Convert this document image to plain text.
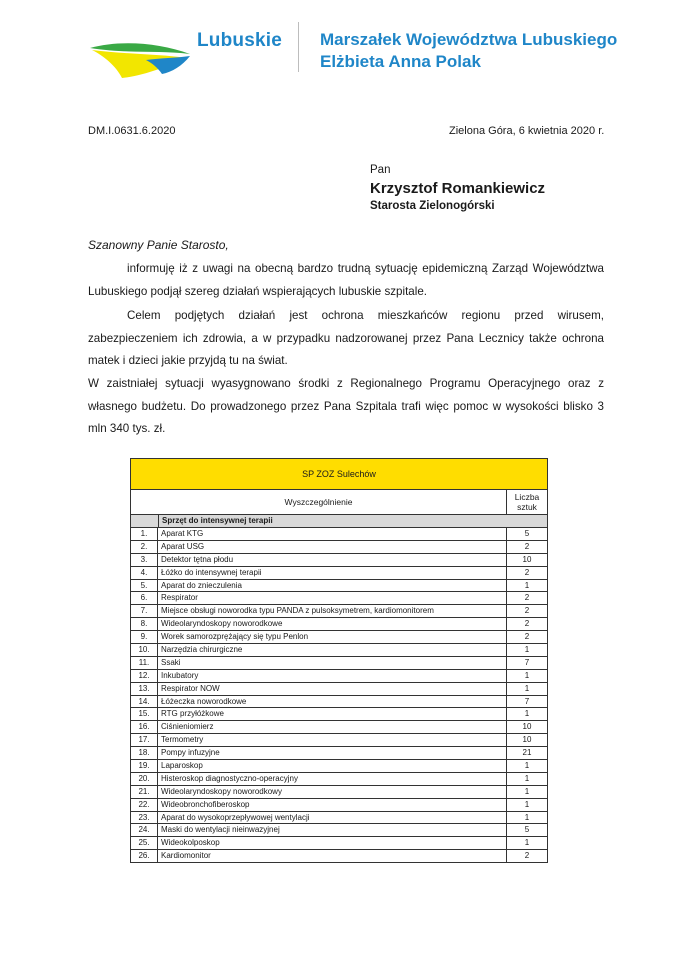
Lubuskie Marszałek Województwa Lubuskiego
Elżbieta Anna Polak
DM.I.0631.6.2020	Zielona Góra, 6 kwietnia 2020 r.
Pan
Krzysztof Romankiewicz
Starosta Zielonogórski
Szanowny Panie Starosto,
informuję iż z uwagi na obecną bardzo trudną sytuację epidemiczną Zarząd Województwa Lubuskiego podjął szereg działań wspierających lubuskie szpitale.
Celem podjętych działań jest ochrona mieszkańców regionu przed wirusem, zabezpieczeniem ich zdrowia, a w przypadku nadzorowanej przez Pana Lecznicy także ochrona matek i dzieci jakie przyjdą tu na świat.
W zaistniałej sytuacji wyasygnowano środki z Regionalnego Programu Operacyjnego oraz z własnego budżetu. Do prowadzonego przez Pana Szpitala trafi więc pomoc w wysokości blisko 3 mln 340 tys. zł.
SP ZOZ Sulechów
Wyszczególnienie	Liczba sztuk
Sprzęt do intensywnej terapii
1.	Aparat KTG	5
2.	Aparat USG	2
3.	Detektor tętna płodu	10
4.	Łóżko do intensywnej terapii	2
5.	Aparat do znieczulenia	1
6.	Respirator	2
7.	Miejsce obsługi noworodka typu PANDA z pulsoksymetrem, kardiomonitorem	2
8.	Wideolaryndoskopy noworodkowe	2
9.	Worek samorozprężający się typu Penlon	2
10.	Narzędzia chirurgiczne	1
11.	Ssaki	7
12.	Inkubatory	1
13.	Respirator NOW	1
14.	Łóżeczka noworodkowe	7
15.	RTG przyłóżkowe	1
16.	Ciśnieniomierz	10
17.	Termometry	10
18.	Pompy infuzyjne	21
19.	Laparoskop	1
20.	Histeroskop diagnostyczno-operacyjny	1
21.	Wideolaryndoskopy noworodkowy	1
22.	Wideobronchofiberoskop	1
23.	Aparat do wysokoprzepływowej wentylacji	1
24.	Maski do wentylacji nieinwazyjnej	5
25.	Wideokolposkop	1
26.	Kardiomonitor	2
